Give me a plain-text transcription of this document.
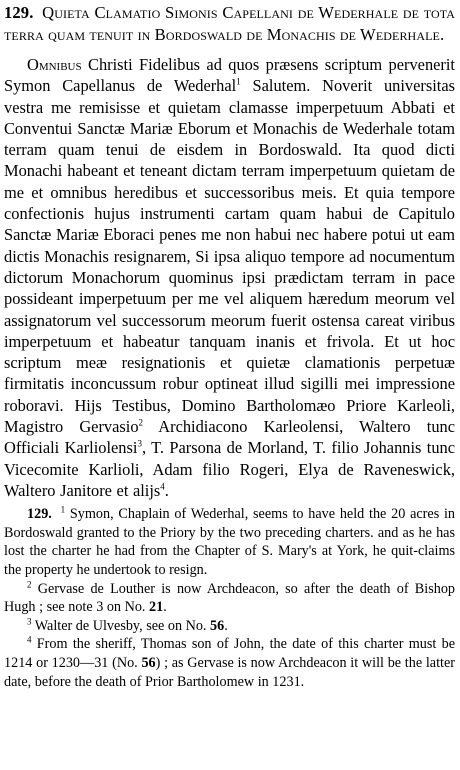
129. Quieta Clamatio Simonis Capellani de Wederhale de tota terra quam tenuit in Bordoswald de Monachis de Wederhale.

Omnibus Christi Fidelibus ad quos præsens scriptum pervenerit Symon Capellanus de Wederhal$^1$ Salutem. Noverit universitas vestra me remisisse et quietam clamasse imperpetuum Abbati et Conventui Sanctæ Mariæ Eborum et Monachis de Wederhale totam terram quam tenui de eisdem in Bordoswald. Ita quod dicti Monachi habeant et teneant dictam terram imperpetuum quietam de me et omnibus heredibus et successoribus meis. Et quia tempore confectionis hujus instrumenti cartam quam habui de Capitulo Sanctæ Mariæ Eboraci penes me non habui nec habere potui ut eam dictis Monachis resignarem, Si ipsa aliquo tempore ad nocumentum dictorum Monachorum quominus ipsi prædictam terram in pace possideant imperpetuum per me vel aliquem hæredum meorum vel assignatorum vel successorum meorum fuerit ostensa careat viribus imperpetuum et habeatur tanquam inanis et frivola. Et ut hoc scriptum meæ resignationis et quietæ clamationis perpetuæ firmitatis inconcussum robur optineat illud sigilli mei impressione roboravi. Hijs Testibus, Domino Bartholomæo Priore Karleoli, Magistro Gervasio$^2$ Archidiacono Karleolensi, Waltero tunc Officiali Karliolensi$^3$, T. Parsona de Morland, T. filio Johannis tunc Vicecomite Karlioli, Adam filio Rogeri, Elya de Raveneswick, Waltero Janitore et alijs$^4$.

129. $^1$ Symon, Chaplain of Wederhal, seems to have held the 20 acres in Bordoswald granted to the Priory by the two preceding charters. and as he has lost the charter he had from the Chapter of S. Mary's at York, he quit-claims the property he undertook to resign.

$^2$ Gervase de Louther is now Archdeacon, so after the death of Bishop Hugh ; see note 3 on No. 21.

$^3$ Walter de Ulvesby, see on No. 56.

$^4$ From the sheriff, Thomas son of John, the date of this charter must be 1214 or 1230—31 (No. 56) ; as Gervase is now Archdeacon it will be the latter date, before the death of Prior Bartholomew in 1231.
